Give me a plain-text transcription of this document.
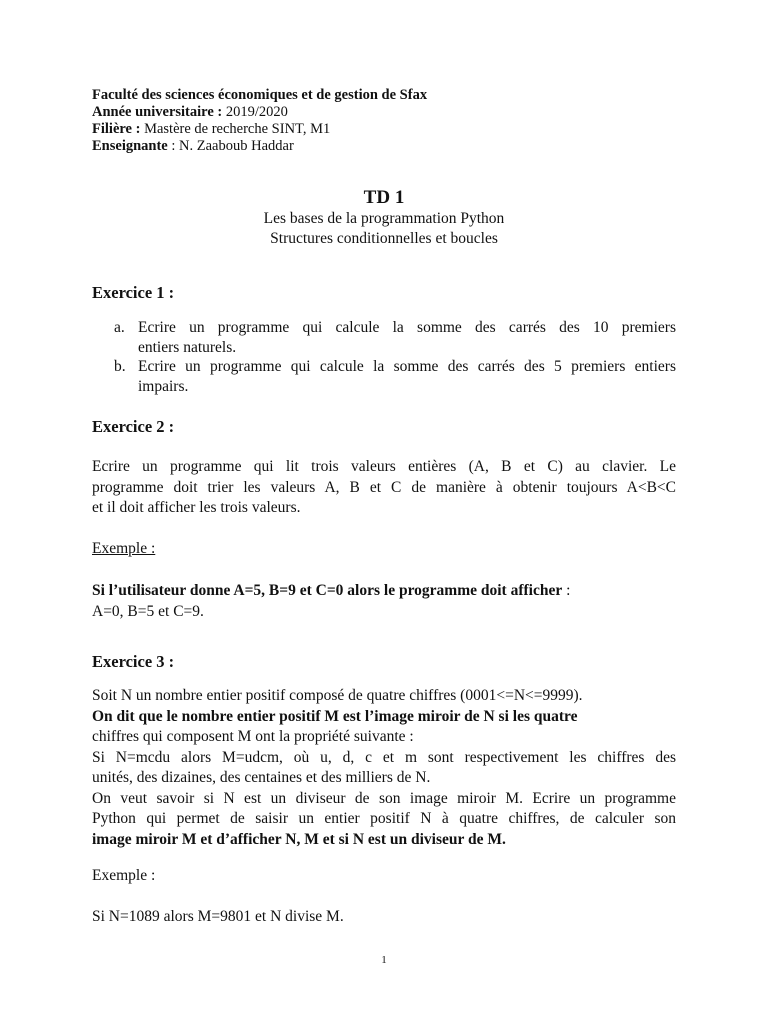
Faculté des sciences économiques et de gestion de Sfax
Année universitaire : 2019/2020
Filière : Mastère de recherche SINT, M1
Enseignante : N. Zaaboub Haddar
TD 1
Les bases de la programmation Python
Structures conditionnelles et boucles
Exercice 1 :
a. Ecrire un programme qui calcule la somme des carrés des 10 premiers
entiers naturels.
b. Ecrire un programme qui calcule la somme des carrés des 5 premiers entiers
impairs.
Exercice 2 :
Ecrire un programme qui lit trois valeurs entières (A, B et C) au clavier. Le
programme doit trier les valeurs A, B et C de manière à obtenir toujours A<B<C
et il doit afficher les trois valeurs.
Exemple :
Si l’utilisateur donne A=5, B=9 et C=0 alors le programme doit afficher :
A=0, B=5 et C=9.
Exercice 3 :
Soit N un nombre entier positif composé de quatre chiffres (0001<=N<=9999).
On dit que le nombre entier positif M est l’image miroir de N si les quatre
chiffres qui composent M ont la propriété suivante :
Si N=mcdu alors M=udcm, où u, d, c et m sont respectivement les chiffres des
unités, des dizaines, des centaines et des milliers de N.
On veut savoir si N est un diviseur de son image miroir M. Ecrire un programme
Python qui permet de saisir un entier positif N à quatre chiffres, de calculer son
image miroir M et d’afficher N, M et si N est un diviseur de M.
Exemple :
Si N=1089 alors M=9801 et N divise M.
1
